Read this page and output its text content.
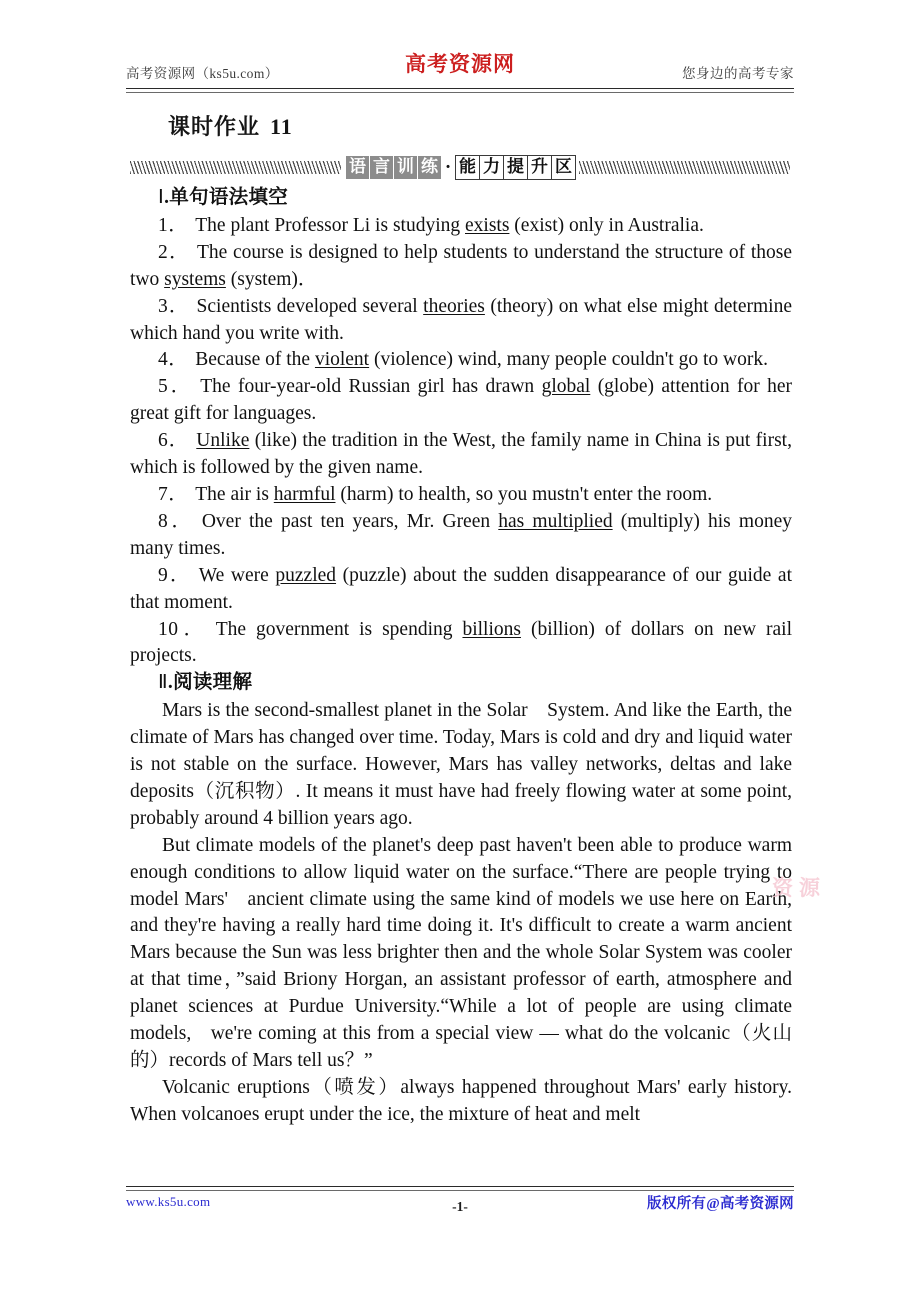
高考资源网（ks5u.com）	高考资源网	您身边的高考专家
课时作业 11
语 言 训 练 · 能 力 提 升 区

Ⅰ.单句语法填空

1． The plant Professor Li is studying exists (exist) only in Australia.

2． The course is designed to help students to understand the structure of those two systems (system)．

3． Scientists developed several theories (theory) on what else might determine which hand you write with.

4． Because of the violent (violence) wind, many people couldn't go to work.

5． The four-year-old Russian girl has drawn global (globe) attention for her great gift for languages.

6． Unlike (like) the tradition in the West, the family name in China is put first, which is followed by the given name.

7． The air is harmful (harm) to health, so you mustn't enter the room.

8． Over the past ten years, Mr. Green has multiplied (multiply) his money many times.

9． We were puzzled (puzzle) about the sudden disappearance of our guide at that moment.

10． The government is spending billions (billion) of dollars on new rail projects.

Ⅱ.阅读理解

Mars is the second-smallest planet in the Solar System. And like the Earth, the climate of Mars has changed over time. Today, Mars is cold and dry and liquid water is not stable on the surface. However, Mars has valley networks, deltas and lake deposits（沉积物）. It means it must have had freely flowing water at some point, probably around 4 billion years ago.

But climate models of the planet's deep past haven't been able to produce warm enough conditions to allow liquid water on the surface.“There are people trying to model Mars' ancient climate using the same kind of models we use here on Earth, and they're having a really hard time doing it. It's difficult to create a warm ancient Mars because the Sun was less brighter then and the whole Solar System was cooler at that time，”said Briony Horgan, an assistant professor of earth, atmosphere and planet sciences at Purdue University.“While a lot of people are using climate models, we're coming at this from a special view — what do the volcanic（火山的）records of Mars tell us？”

Volcanic eruptions（喷发）always happened throughout Mars' early history. When volcanoes erupt under the ice, the mixture of heat and melt

资源
www.ks5u.com	-1-	版权所有@高考资源网
